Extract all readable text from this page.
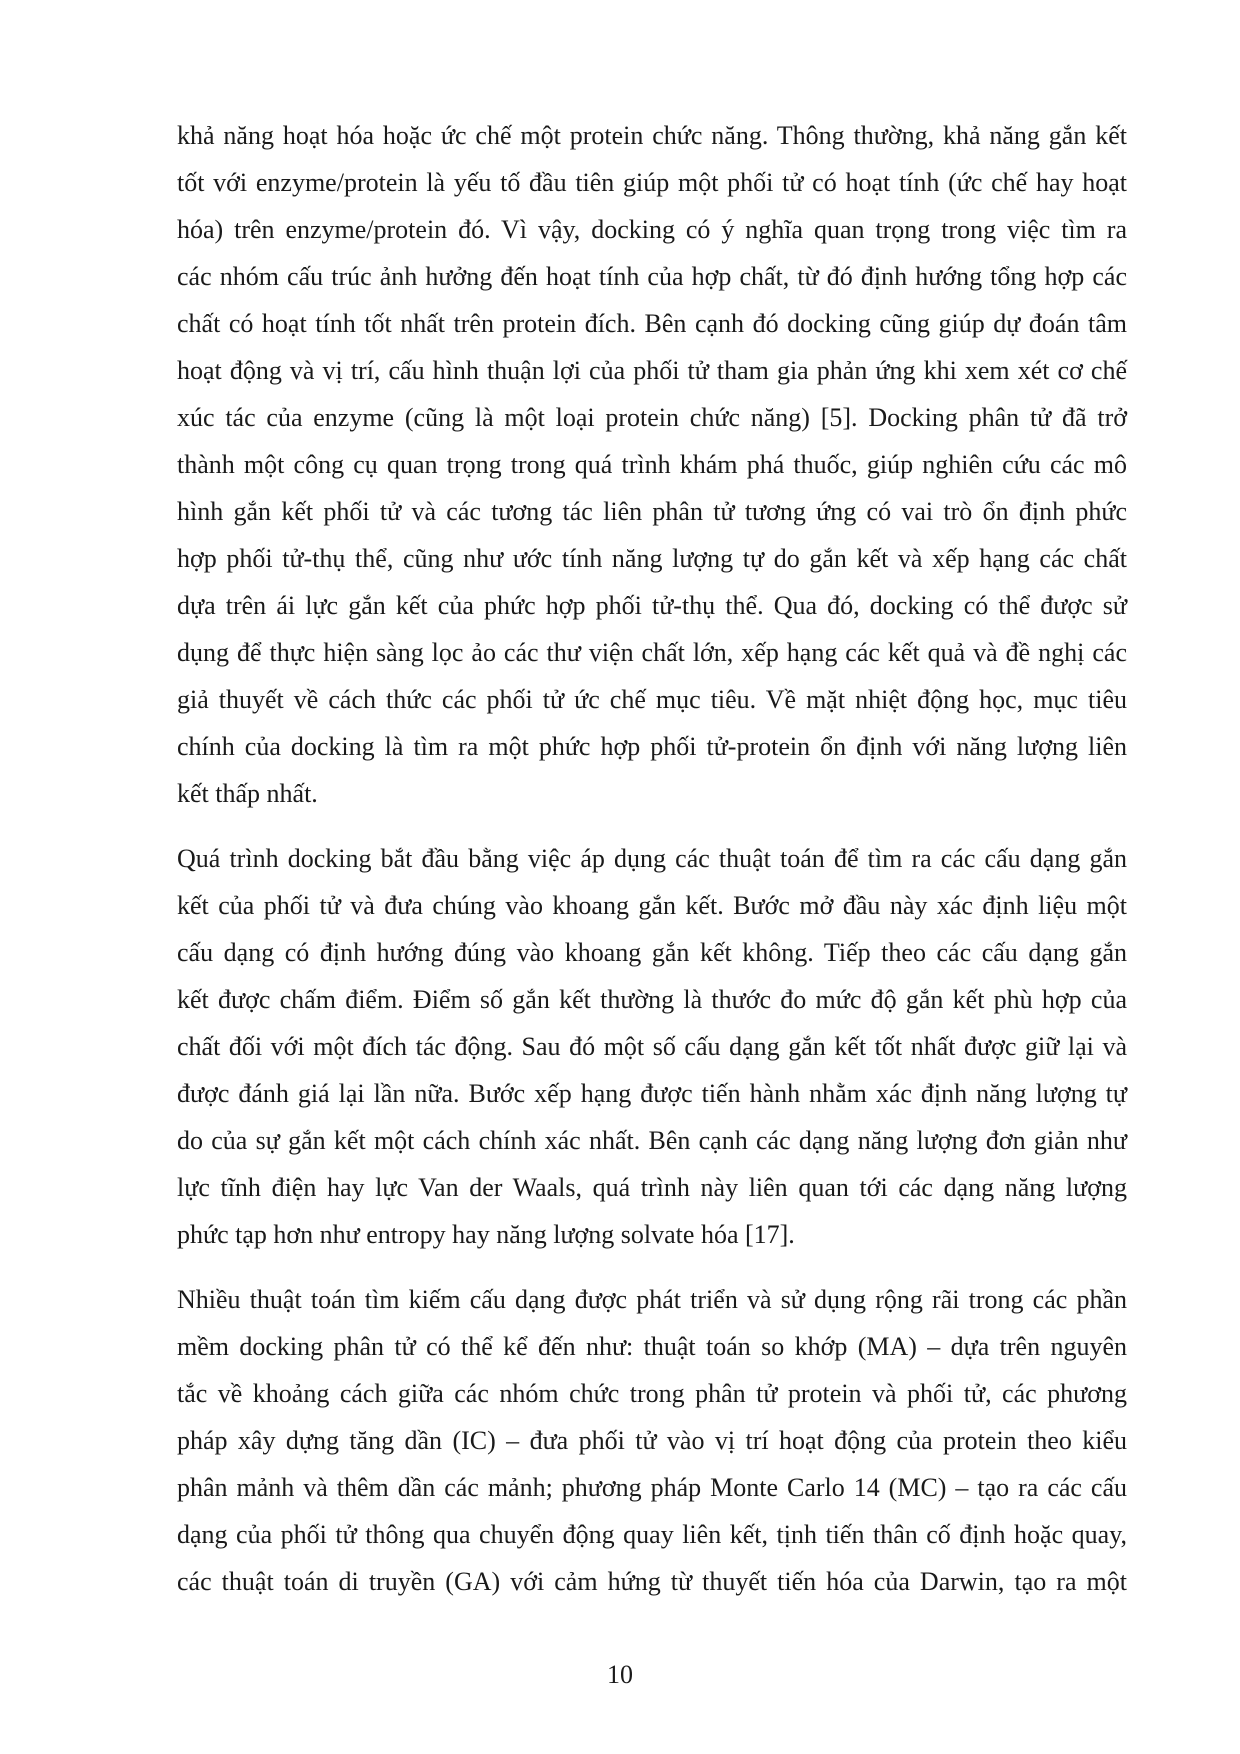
khả năng hoạt hóa hoặc ức chế một protein chức năng. Thông thường, khả năng gắn kết
tốt với enzyme/protein là yếu tố đầu tiên giúp một phối tử có hoạt tính (ức chế hay hoạt
hóa) trên enzyme/protein đó. Vì vậy, docking có ý nghĩa quan trọng trong việc tìm ra
các nhóm cấu trúc ảnh hưởng đến hoạt tính của hợp chất, từ đó định hướng tổng hợp các
chất có hoạt tính tốt nhất trên protein đích. Bên cạnh đó docking cũng giúp dự đoán tâm
hoạt động và vị trí, cấu hình thuận lợi của phối tử tham gia phản ứng khi xem xét cơ chế
xúc tác của enzyme (cũng là một loại protein chức năng) [5]. Docking phân tử đã trở
thành một công cụ quan trọng trong quá trình khám phá thuốc, giúp nghiên cứu các mô
hình gắn kết phối tử và các tương tác liên phân tử tương ứng có vai trò ổn định phức
hợp phối tử-thụ thể, cũng như ước tính năng lượng tự do gắn kết và xếp hạng các chất
dựa trên ái lực gắn kết của phức hợp phối tử-thụ thể. Qua đó, docking có thể được sử
dụng để thực hiện sàng lọc ảo các thư viện chất lớn, xếp hạng các kết quả và đề nghị các
giả thuyết về cách thức các phối tử ức chế mục tiêu. Về mặt nhiệt động học, mục tiêu
chính của docking là tìm ra một phức hợp phối tử-protein ổn định với năng lượng liên
kết thấp nhất.

Quá trình docking bắt đầu bằng việc áp dụng các thuật toán để tìm ra các cấu dạng gắn
kết của phối tử và đưa chúng vào khoang gắn kết. Bước mở đầu này xác định liệu một
cấu dạng có định hướng đúng vào khoang gắn kết không. Tiếp theo các cấu dạng gắn
kết được chấm điểm. Điểm số gắn kết thường là thước đo mức độ gắn kết phù hợp của
chất đối với một đích tác động. Sau đó một số cấu dạng gắn kết tốt nhất được giữ lại và
được đánh giá lại lần nữa. Bước xếp hạng được tiến hành nhằm xác định năng lượng tự
do của sự gắn kết một cách chính xác nhất. Bên cạnh các dạng năng lượng đơn giản như
lực tĩnh điện hay lực Van der Waals, quá trình này liên quan tới các dạng năng lượng
phức tạp hơn như entropy hay năng lượng solvate hóa [17].

Nhiều thuật toán tìm kiếm cấu dạng được phát triển và sử dụng rộng rãi trong các phần
mềm docking phân tử có thể kể đến như: thuật toán so khớp (MA) – dựa trên nguyên
tắc về khoảng cách giữa các nhóm chức trong phân tử protein và phối tử, các phương
pháp xây dựng tăng dần (IC) – đưa phối tử vào vị trí hoạt động của protein theo kiểu
phân mảnh và thêm dần các mảnh; phương pháp Monte Carlo 14 (MC) – tạo ra các cấu
dạng của phối tử thông qua chuyển động quay liên kết, tịnh tiến thân cố định hoặc quay,
các thuật toán di truyền (GA) với cảm hứng từ thuyết tiến hóa của Darwin, tạo ra một

10
